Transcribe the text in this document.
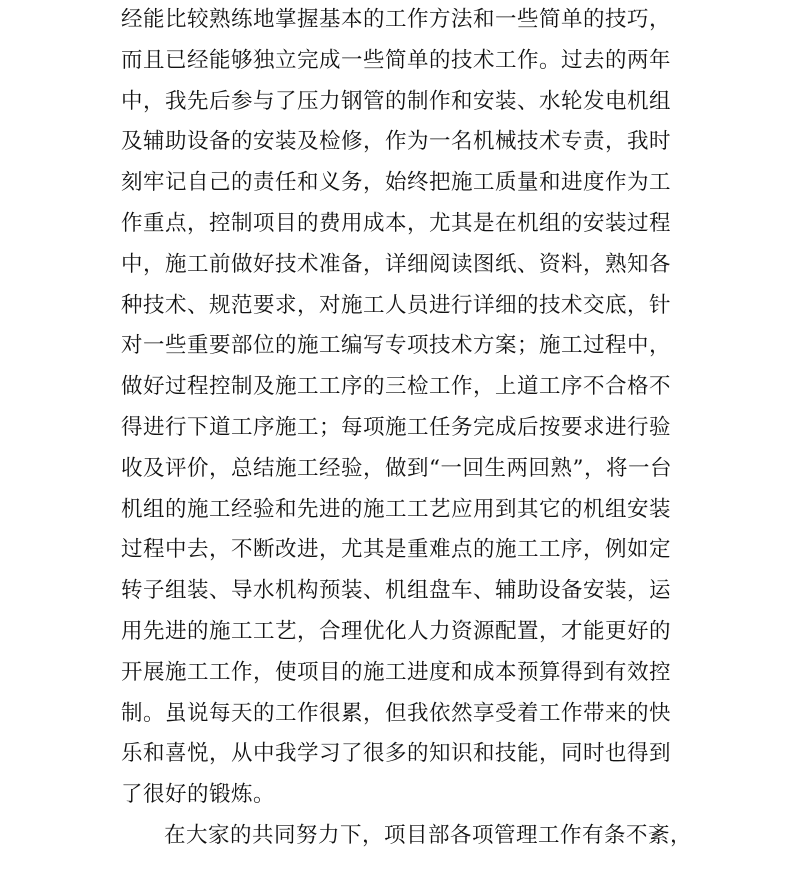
经能比较熟练地掌握基本的工作方法和一些简单的技巧，
而且已经能够独立完成一些简单的技术工作。过去的两年
中，我先后参与了压力钢管的制作和安装、水轮发电机组
及辅助设备的安装及检修，作为一名机械技术专责，我时
刻牢记自己的责任和义务，始终把施工质量和进度作为工
作重点，控制项目的费用成本，尤其是在机组的安装过程
中，施工前做好技术准备，详细阅读图纸、资料，熟知各
种技术、规范要求，对施工人员进行详细的技术交底，针
对一些重要部位的施工编写专项技术方案；施工过程中，
做好过程控制及施工工序的三检工作，上道工序不合格不
得进行下道工序施工；每项施工任务完成后按要求进行验
收及评价，总结施工经验，做到“一回生两回熟”，将一台
机组的施工经验和先进的施工工艺应用到其它的机组安装
过程中去，不断改进，尤其是重难点的施工工序，例如定
转子组装、导水机构预装、机组盘车、辅助设备安装，运
用先进的施工工艺，合理优化人力资源配置，才能更好的
开展施工工作，使项目的施工进度和成本预算得到有效控
制。虽说每天的工作很累，但我依然享受着工作带来的快
乐和喜悦，从中我学习了很多的知识和技能，同时也得到
了很好的锻炼。
在大家的共同努力下，项目部各项管理工作有条不紊，
